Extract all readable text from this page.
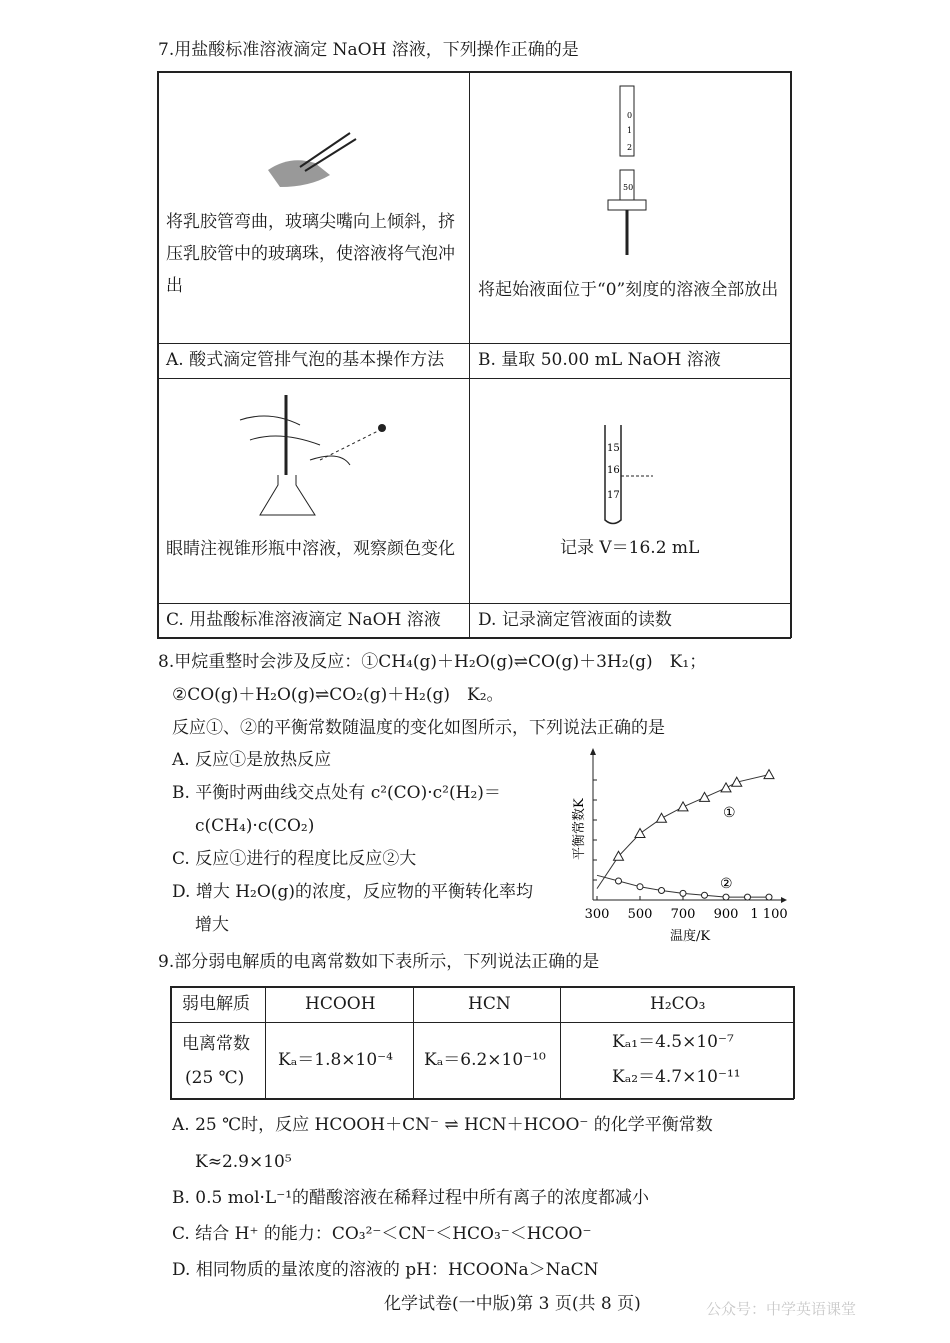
7.用盐酸标准溶液滴定 NaOH 溶液，下列操作正确的是
将乳胶管弯曲，玻璃尖嘴向上倾斜，挤压乳胶管中的玻璃珠，使溶液将气泡冲出
A. 酸式滴定管排气泡的基本操作方法
0
1
2
50
将起始液面位于“0”刻度的溶液全部放出
B. 量取 50.00 mL NaOH 溶液
眼睛注视锥形瓶中溶液，观察颜色变化
C. 用盐酸标准溶液滴定 NaOH 溶液
15
16
17
记录 V＝16.2 mL
D. 记录滴定管液面的读数
8.甲烷重整时会涉及反应：①CH₄(g)＋H₂O(g)⇌CO(g)＋3H₂(g)　K₁；
②CO(g)＋H₂O(g)⇌CO₂(g)＋H₂(g)　K₂。
反应①、②的平衡常数随温度的变化如图所示，下列说法正确的是
A. 反应①是放热反应
B. 平衡时两曲线交点处有 c²(CO)·c²(H₂)＝
c(CH₄)·c(CO₂)
C. 反应①进行的程度比反应②大
D. 增大 H₂O(g)的浓度，反应物的平衡转化率均
增大
300 500 700 900 1 100
温度/K
平衡常数K	①
②
9.部分弱电解质的电离常数如下表所示，下列说法正确的是
弱电解质	HCOOH	HCN	H₂CO₃
电离常数
(25 ℃)
Kₐ＝1.8×10⁻⁴ Kₐ＝6.2×10⁻¹⁰
Kₐ₁＝4.5×10⁻⁷
Kₐ₂＝4.7×10⁻¹¹
A. 25 ℃时，反应 HCOOH＋CN⁻ ⇌ HCN＋HCOO⁻ 的化学平衡常数
K≈2.9×10⁵
B. 0.5 mol·L⁻¹的醋酸溶液在稀释过程中所有离子的浓度都减小
C. 结合 H⁺ 的能力：CO₃²⁻＜CN⁻＜HCO₃⁻＜HCOO⁻
D. 相同物质的量浓度的溶液的 pH：HCOONa＞NaCN
化学试卷(一中版)第 3 页(共 8 页)	公众号：中学英语课堂
